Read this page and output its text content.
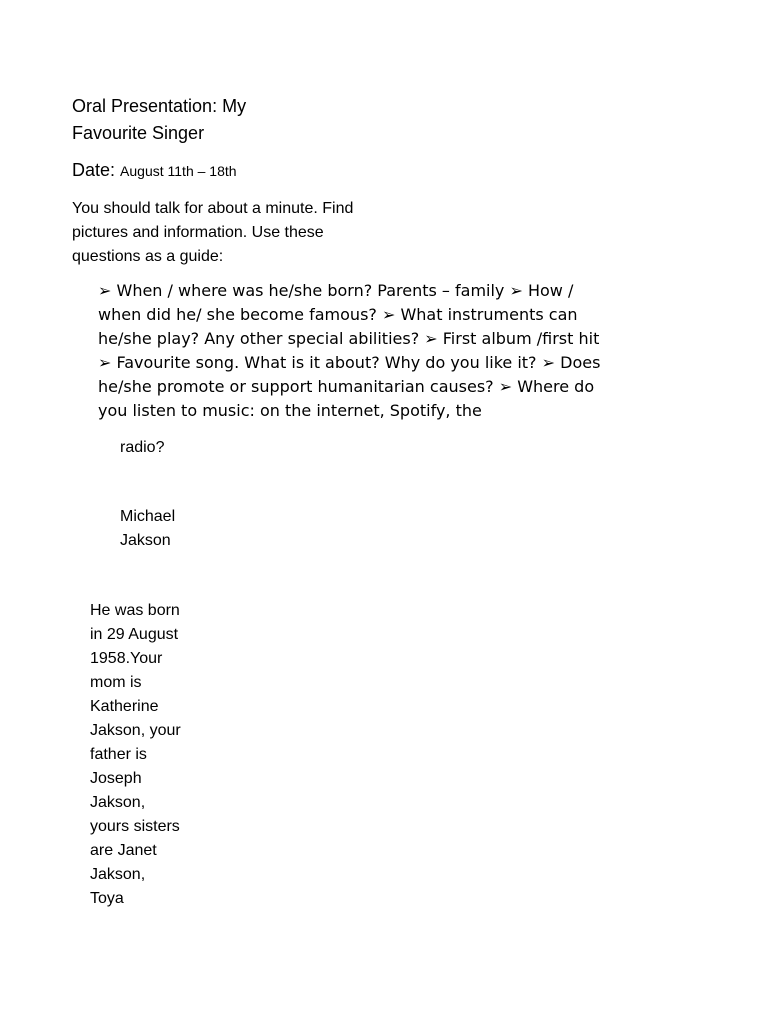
Oral Presentation: My
Favourite Singer
Date: August 11th – 18th
You should talk for about a minute. Find
pictures and information. Use these
questions as a guide:
➢ When / where was he/she born? Parents – family ➢ How /
when did he/ she become famous? ➢ What instruments can
he/she play? Any other special abilities? ➢ First album /first hit
➢ Favourite song. What is it about? Why do you like it? ➢ Does
he/she promote or support humanitarian causes? ➢ Where do
you listen to music: on the internet, Spotify, the
radio?
Michael
Jakson
He was born
in 29 August
1958.Your
mom is
Katherine
Jakson, your
father is
Joseph
Jakson,
yours sisters
are Janet
Jakson,
Toya
